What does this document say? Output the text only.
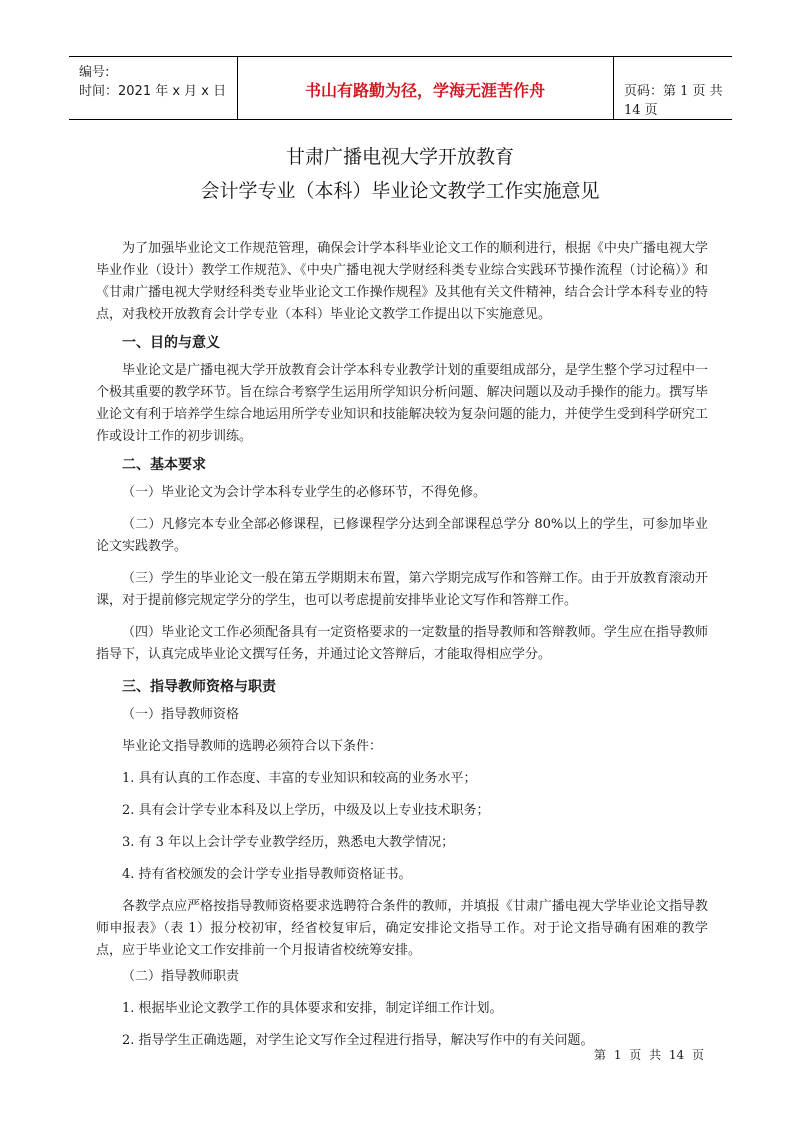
编号:
时间：2021 年 x 月 x 日	书山有路勤为径，学海无涯苦作舟	页码：第 1 页 共 14 页
甘肃广播电视大学开放教育
会计学专业（本科）毕业论文教学工作实施意见

为了加强毕业论文工作规范管理，确保会计学本科毕业论文工作的顺利进行，根据《中央广播电视大学毕业作业（设计）教学工作规范》、《中央广播电视大学财经科类专业综合实践环节操作流程（讨论稿）》和《甘肃广播电视大学财经科类专业毕业论文工作操作规程》及其他有关文件精神，结合会计学本科专业的特点，对我校开放教育会计学专业（本科）毕业论文教学工作提出以下实施意见。

一、目的与意义

毕业论文是广播电视大学开放教育会计学本科专业教学计划的重要组成部分，是学生整个学习过程中一个极其重要的教学环节。旨在综合考察学生运用所学知识分析问题、解决问题以及动手操作的能力。撰写毕业论文有利于培养学生综合地运用所学专业知识和技能解决较为复杂问题的能力，并使学生受到科学研究工作或设计工作的初步训练。

二、基本要求

（一）毕业论文为会计学本科专业学生的必修环节，不得免修。

（二）凡修完本专业全部必修课程，已修课程学分达到全部课程总学分 80%以上的学生，可参加毕业论文实践教学。

（三）学生的毕业论文一般在第五学期期末布置，第六学期完成写作和答辩工作。由于开放教育滚动开课，对于提前修完规定学分的学生，也可以考虑提前安排毕业论文写作和答辩工作。

（四）毕业论文工作必须配备具有一定资格要求的一定数量的指导教师和答辩教师。学生应在指导教师指导下，认真完成毕业论文撰写任务，并通过论文答辩后，才能取得相应学分。

三、指导教师资格与职责

（一）指导教师资格

毕业论文指导教师的选聘必须符合以下条件：

1. 具有认真的工作态度、丰富的专业知识和较高的业务水平；

2. 具有会计学专业本科及以上学历，中级及以上专业技术职务；

3. 有 3 年以上会计学专业教学经历，熟悉电大教学情况；

4. 持有省校颁发的会计学专业指导教师资格证书。

各教学点应严格按指导教师资格要求选聘符合条件的教师，并填报《甘肃广播电视大学毕业论文指导教师申报表》（表 1）报分校初审，经省校复审后，确定安排论文指导工作。对于论文指导确有困难的教学点，应于毕业论文工作安排前一个月报请省校统筹安排。

（二）指导教师职责

1. 根据毕业论文教学工作的具体要求和安排，制定详细工作计划。

2. 指导学生正确选题，对学生论文写作全过程进行指导，解决写作中的有关问题。

第 1 页 共 14 页
